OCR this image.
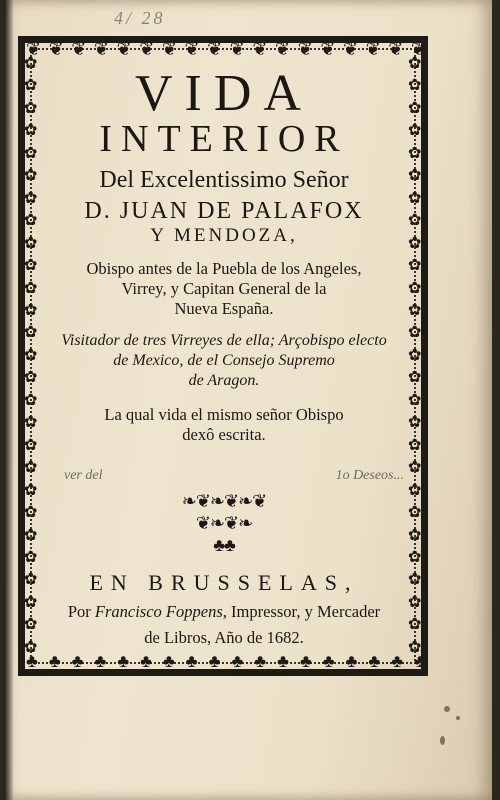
4/ 28
❦ ❦ ❦ ❦ ❦ ❦ ❦ ❦ ❦ ❦ ❦ ❦ ❦ ❦ ❦ ❦ ❦ ❦
♣ ♣ ♣ ♣ ♣ ♣ ♣ ♣ ♣ ♣ ♣ ♣ ♣ ♣ ♣ ♣ ♣ ♣
✿
✿
✿
✿
✿
✿
✿
✿
✿
✿
✿
✿
✿
✿
✿
✿
✿
✿
✿
✿
✿
✿
✿
✿
✿
✿
✿
✿
✿
✿
✿
✿
✿
✿
✿
✿
✿
✿
✿
✿
✿
✿
✿
✿
✿
✿
✿
✿
✿
✿
✿
✿
✿
✿
VIDA
INTERIOR
Del Excelentissimo Señor
D. JUAN DE PALAFOX
Y MENDOZA,
Obispo antes de la Puebla de los Angeles,
Virrey, y Capitan General de la
Nueva España.
Visitador de tres Virreyes de ella; Arçobispo electo
de Mexico, de el Consejo Supremo
de Aragon.
La qual vida el mismo señor Obispo
dexô escrita.
ver del	1o Deseos...
❧❦❧❦❧❦
❦❧❦❧
♣♣
EN BRUSSELAS,
Por Francisco Foppens, Impressor, y Mercader
de Libros, Año de 1682.
